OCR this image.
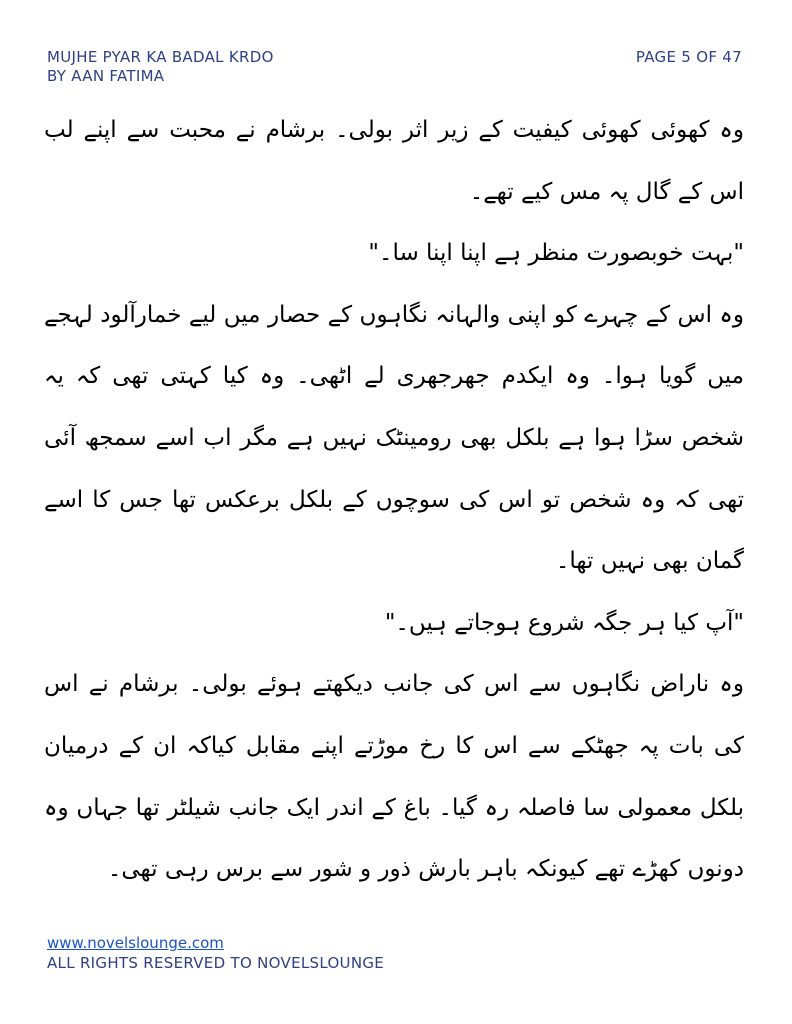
MUJHE PYAR KA BADAL KRDO
BY AAN FATIMA
PAGE 5 OF 47

وہ کھوئی کھوئی کیفیت کے زیر اثر بولی۔ برشام نے محبت سے اپنے لب اس کے گال پہ مس کیے تھے۔

"بہت خوبصورت منظر ہے اپنا اپنا سا۔"

وہ اس کے چہرے کو اپنی والہانہ نگاہوں کے حصار میں لیے خمارآلود لہجے میں گویا ہوا۔ وہ ایکدم جھرجھری لے اٹھی۔ وہ کیا کہتی تھی کہ یہ شخص سڑا ہوا ہے بلکل بھی رومینٹک نہیں ہے مگر اب اسے سمجھ آئی تھی کہ وہ شخص تو اس کی سوچوں کے بلکل برعکس تھا جس کا اسے گمان بھی نہیں تھا۔

"آپ کیا ہر جگہ شروع ہوجاتے ہیں۔"

وہ ناراض نگاہوں سے اس کی جانب دیکھتے ہوئے بولی۔ برشام نے اس کی بات پہ جھٹکے سے اس کا رخ موڑتے اپنے مقابل کیاکہ ان کے درمیان بلکل معمولی سا فاصلہ رہ گیا۔ باغ کے اندر ایک جانب شیلٹر تھا جہاں وہ دونوں کھڑے تھے کیونکہ باہر بارش ذور و شور سے برس رہی تھی۔

www.novelslounge.com
ALL RIGHTS RESERVED TO NOVELSLOUNGE
